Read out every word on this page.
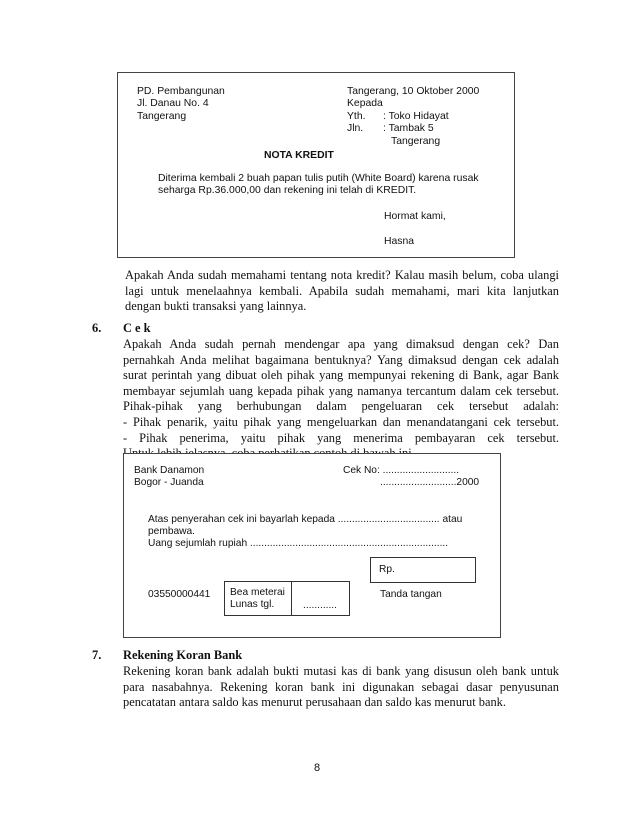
PD. Pembangunan
Jl. Danau No. 4
Tangerang
Tangerang, 10 Oktober 2000
Kepada
Yth. : Toko Hidayat
Jln. : Tambak 5
Tangerang
NOTA KREDIT
Diterima kembali 2 buah papan tulis putih (White Board) karena rusak
seharga Rp.36.000,00 dan rekening ini telah di KREDIT.
Hormat kami,
Hasna
Apakah Anda sudah memahami tentang nota kredit? Kalau masih belum, coba ulangi
lagi untuk menelaahnya kembali. Apabila sudah memahami, mari kita lanjutkan
dengan bukti transaksi yang lainnya.
6. C e k
Apakah Anda sudah pernah mendengar apa yang dimaksud dengan cek? Dan
pernahkah Anda melihat bagaimana bentuknya? Yang dimaksud dengan cek adalah
surat perintah yang dibuat oleh pihak yang mempunyai rekening di Bank, agar Bank
membayar sejumlah uang kepada pihak yang namanya tercantum dalam cek tersebut.
Pihak-pihak yang berhubungan dalam pengeluaran cek tersebut adalah:
- Pihak penarik, yaitu pihak yang mengeluarkan dan menandatangani cek tersebut.
- Pihak penerima, yaitu pihak yang menerima pembayaran cek tersebut.
Bank Danamon
Bogor - Juanda
Cek No: ...........................
...........................2000
Atas penyerahan cek ini bayarlah kepada .................................... atau
pembawa.
Uang sejumlah rupiah ......................................................................
Rp.
03550000441 Bea meterai
Lunas tgl.	............
Tanda tangan
7. Rekening Koran Bank
Rekening koran bank adalah bukti mutasi kas di bank yang disusun oleh bank untuk
para nasabahnya. Rekening koran bank ini digunakan sebagai dasar penyusunan
pencatatan antara saldo kas menurut perusahaan dan saldo kas menurut bank.
8
